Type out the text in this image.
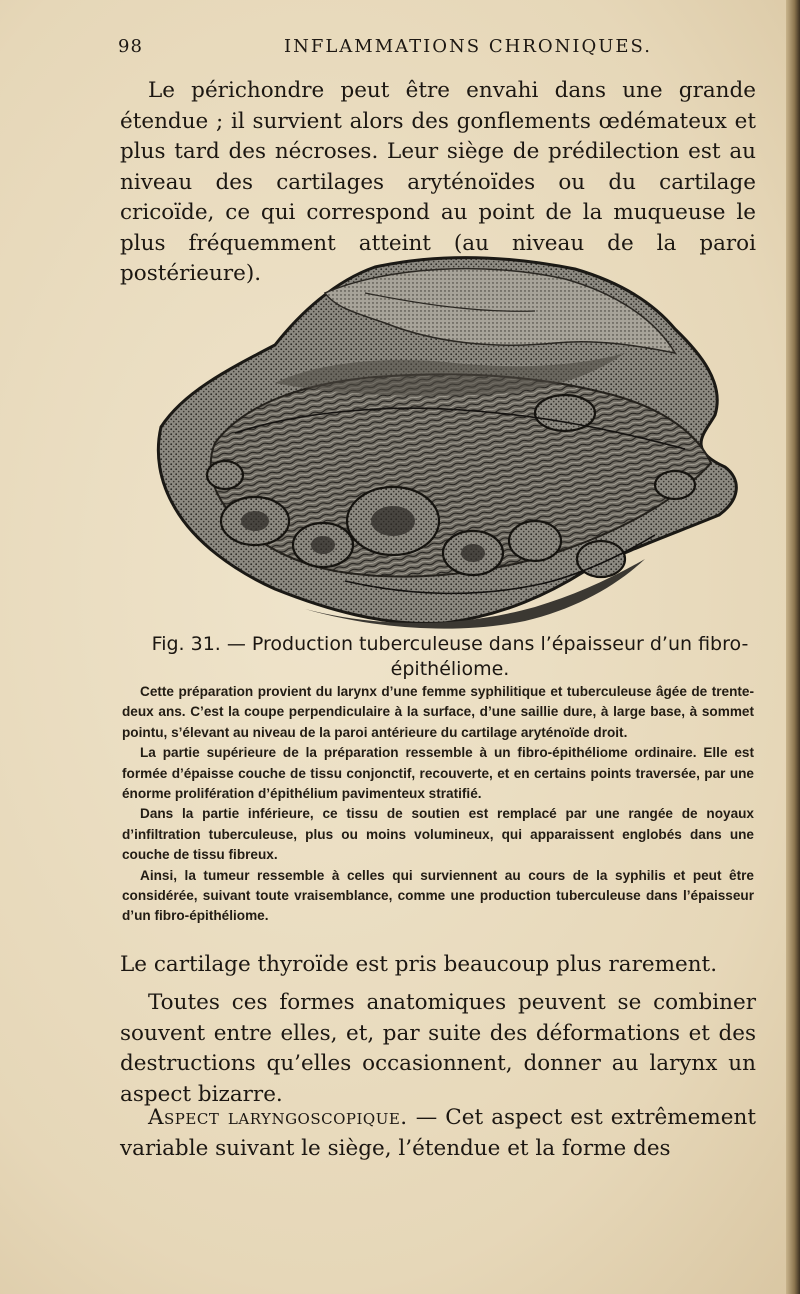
98	INFLAMMATIONS CHRONIQUES.

Le périchondre peut être envahi dans une grande étendue ; il survient alors des gonflements œdémateux et plus tard des nécroses. Leur siège de prédilection est au niveau des cartilages aryténoïdes ou du cartilage cricoïde, ce qui correspond au point de la muqueuse le plus fréquemment atteint (au niveau de la paroi postérieure).

Fig. 31. — Production tuberculeuse dans l’épaisseur d’un fibro-épithéliome.

Cette préparation provient du larynx d’une femme syphilitique et tuberculeuse âgée de trente-deux ans. C’est la coupe perpendiculaire à la surface, d’une saillie dure, à large base, à sommet pointu, s’élevant au niveau de la paroi antérieure du cartilage aryténoïde droit.

La partie supérieure de la préparation ressemble à un fibro-épithéliome ordinaire. Elle est formée d’épaisse couche de tissu conjonctif, recouverte, et en certains points traversée, par une énorme prolifération d’épithélium pavimenteux stratifié.

Dans la partie inférieure, ce tissu de soutien est remplacé par une rangée de noyaux d’infiltration tuberculeuse, plus ou moins volumineux, qui apparaissent englobés dans une couche de tissu fibreux.

Ainsi, la tumeur ressemble à celles qui surviennent au cours de la syphilis et peut être considérée, suivant toute vraisemblance, comme une production tuberculeuse dans l’épaisseur d’un fibro-épithéliome.

Le cartilage thyroïde est pris beaucoup plus rarement.

Toutes ces formes anatomiques peuvent se combiner souvent entre elles, et, par suite des déformations et des destructions qu’elles occasionnent, donner au larynx un aspect bizarre.

Aspect laryngoscopique. — Cet aspect est extrêmement variable suivant le siège, l’étendue et la forme des
